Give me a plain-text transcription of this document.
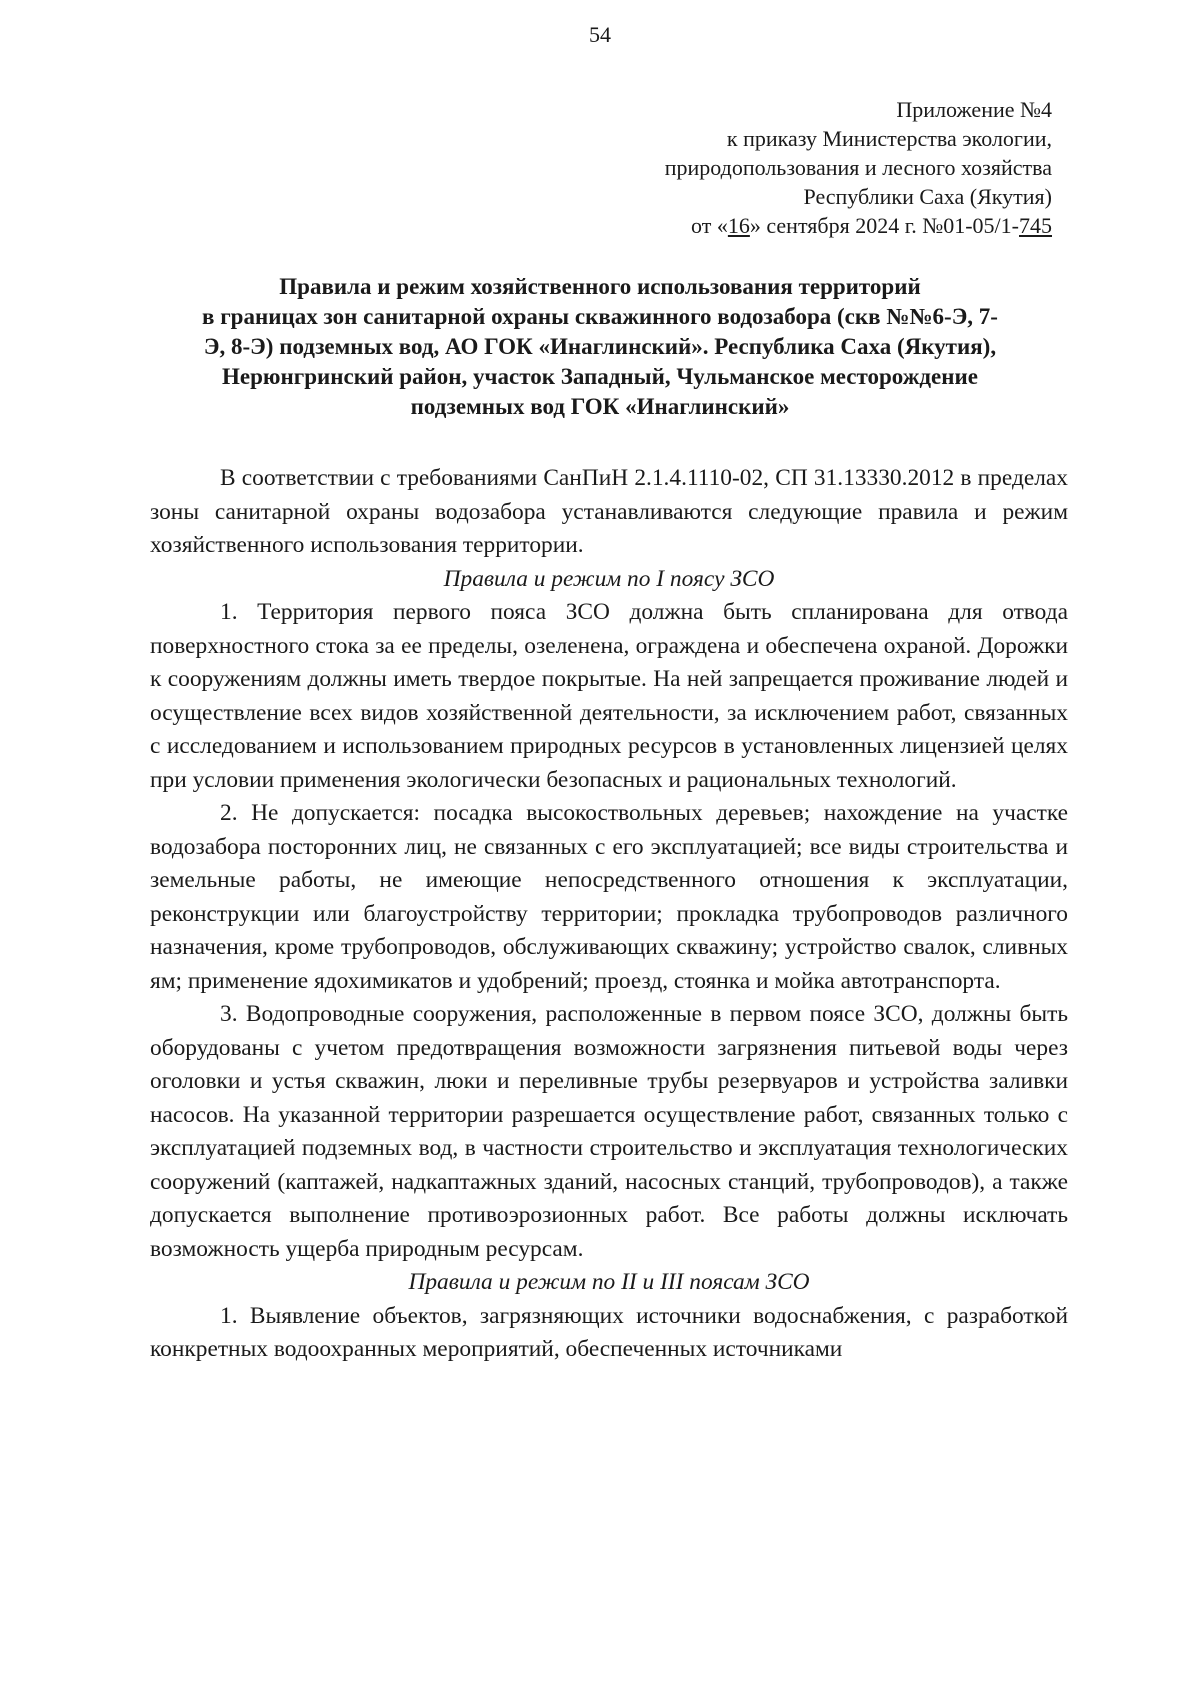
54
Приложение №4
к приказу Министерства экологии,
природопользования и лесного хозяйства
Республики Саха (Якутия)
от «16» сентября 2024 г. №01-05/1-745
Правила и режим хозяйственного использования территорий
в границах зон санитарной охраны скважинного водозабора (скв №№6-Э, 7-
Э, 8-Э) подземных вод, АО ГОК «Инаглинский». Республика Саха (Якутия),
Нерюнгринский район, участок Западный, Чульманское месторождение
подземных вод ГОК «Инаглинский»

В соответствии с требованиями СанПиН 2.1.4.1110-02, СП 31.13330.2012 в пределах зоны санитарной охраны водозабора устанавливаются следующие правила и режим хозяйственного использования территории.

Правила и режим по I поясу ЗСО

1. Территория первого пояса ЗСО должна быть спланирована для отвода поверхностного стока за ее пределы, озеленена, ограждена и обеспечена охраной. Дорожки к сооружениям должны иметь твердое покрытые. На ней запрещается проживание людей и осуществление всех видов хозяйственной деятельности, за исключением работ, связанных с исследованием и использованием природных ресурсов в установленных лицензией целях при условии применения экологически безопасных и рациональных технологий.

2. Не допускается: посадка высокоствольных деревьев; нахождение на участке водозабора посторонних лиц, не связанных с его эксплуатацией; все виды строительства и земельные работы, не имеющие непосредственного отношения к эксплуатации, реконструкции или благоустройству территории; прокладка трубопроводов различного назначения, кроме трубопроводов, обслуживающих скважину; устройство свалок, сливных ям; применение ядохимикатов и удобрений; проезд, стоянка и мойка автотранспорта.

3. Водопроводные сооружения, расположенные в первом поясе ЗСО, должны быть оборудованы с учетом предотвращения возможности загрязнения питьевой воды через оголовки и устья скважин, люки и переливные трубы резервуаров и устройства заливки насосов. На указанной территории разрешается осуществление работ, связанных только с эксплуатацией подземных вод, в частности строительство и эксплуатация технологических сооружений (каптажей, надкаптажных зданий, насосных станций, трубопроводов), а также допускается выполнение противоэрозионных работ. Все работы должны исключать возможность ущерба природным ресурсам.

Правила и режим по II и III поясам ЗСО

1. Выявление объектов, загрязняющих источники водоснабжения, с разработкой конкретных водоохранных мероприятий, обеспеченных источниками
